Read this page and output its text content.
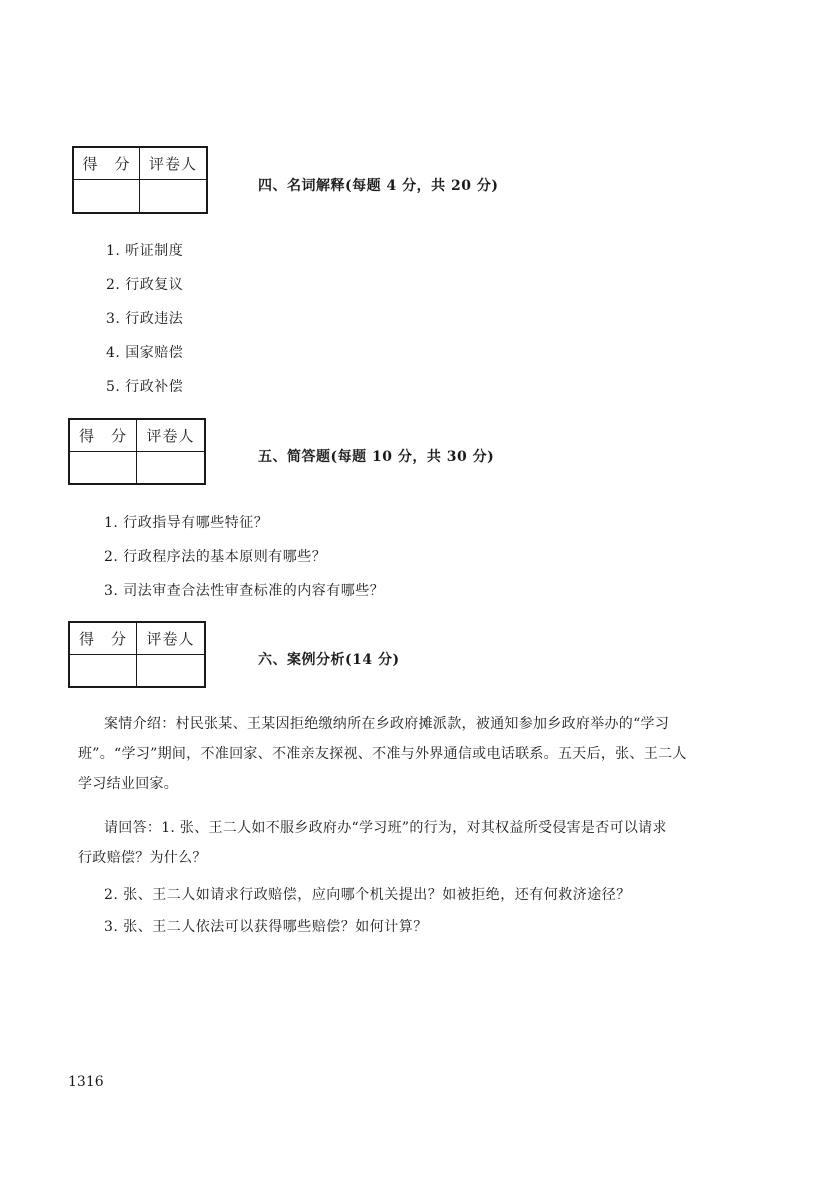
得　分	评卷人
四、名词解释(每题 4 分，共 20 分)
1. 听证制度
2. 行政复议
3. 行政违法
4. 国家赔偿
5. 行政补偿
得　分	评卷人
五、简答题(每题 10 分，共 30 分)
1. 行政指导有哪些特征？
2. 行政程序法的基本原则有哪些？
3. 司法审查合法性审查标准的内容有哪些？
得　分	评卷人
六、案例分析(14 分)
案情介绍：村民张某、王某因拒绝缴纳所在乡政府摊派款，被通知参加乡政府举办的“学习
班”。“学习”期间，不准回家、不准亲友探视、不准与外界通信或电话联系。五天后，张、王二人
学习结业回家。
请回答：1. 张、王二人如不服乡政府办“学习班”的行为，对其权益所受侵害是否可以请求
行政赔偿？为什么？
2. 张、王二人如请求行政赔偿，应向哪个机关提出？如被拒绝，还有何救济途径？
3. 张、王二人依法可以获得哪些赔偿？如何计算？
1316
